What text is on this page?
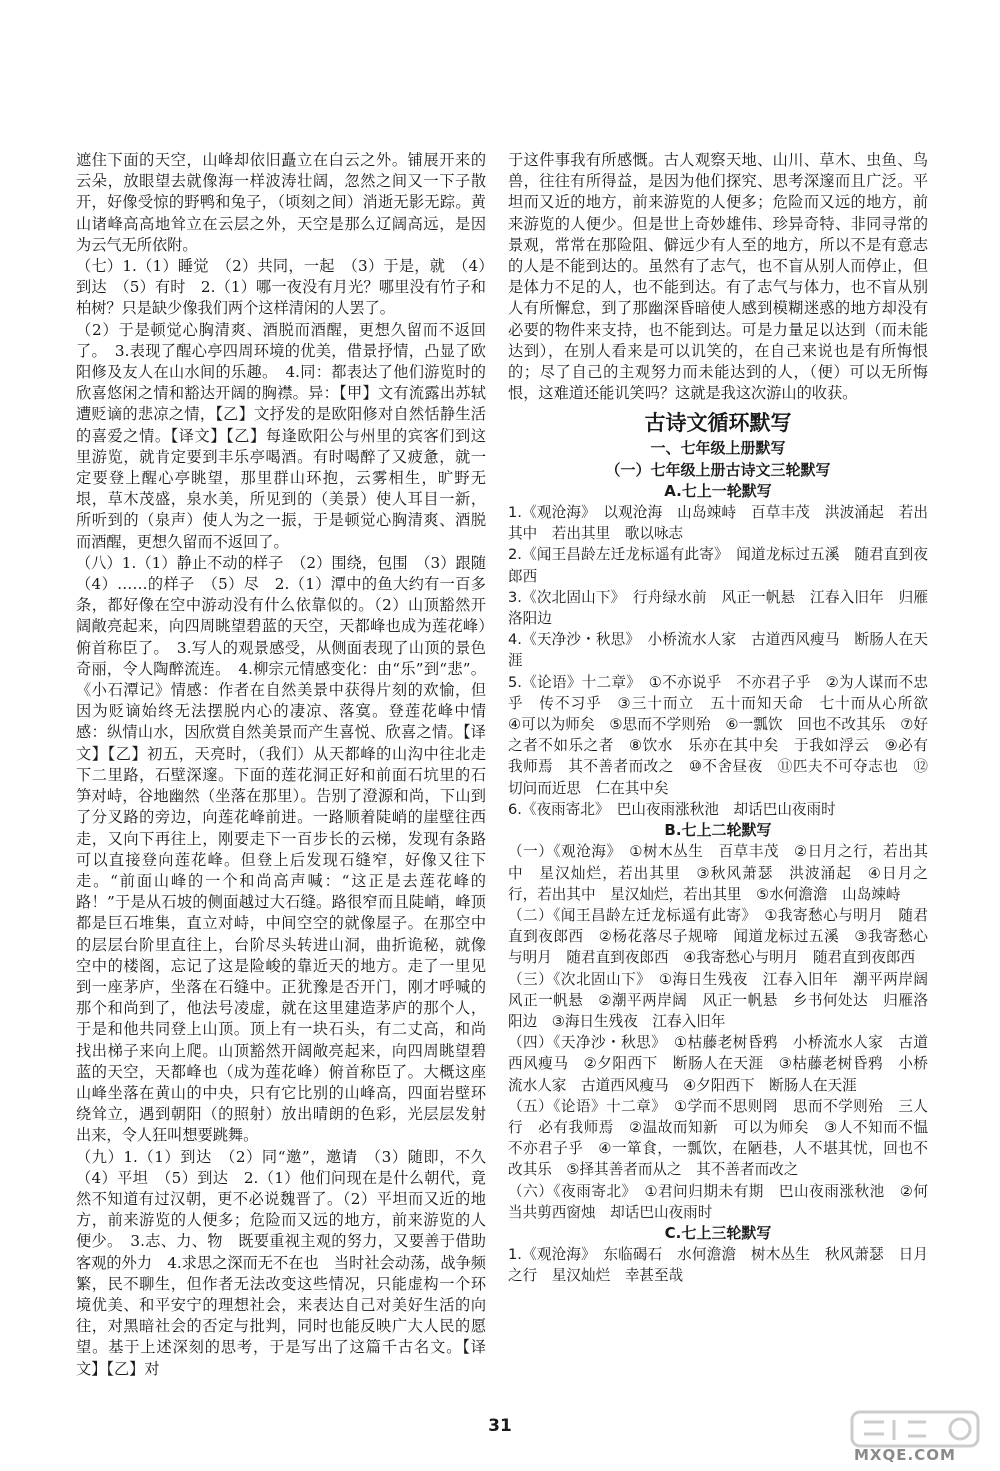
遮住下面的天空，山峰却依旧矗立在白云之外。铺展开来的云朵，放眼望去就像海一样波涛壮阔，忽然之间又一下子散开，好像受惊的野鸭和兔子，（顷刻之间）消逝无影无踪。黄山诸峰高高地耸立在云层之外，天空是那么辽阔高远，是因为云气无所依附。

（七）1.（1）睡觉　（2）共同，一起　（3）于是，就　（4）到达　（5）有时　2.（1）哪一夜没有月光？哪里没有竹子和柏树？只是缺少像我们两个这样清闲的人罢了。

（2）于是顿觉心胸清爽、酒脱而酒醒，更想久留而不返回了。　3.表现了醒心亭四周环境的优美，借景抒情，凸显了欧阳修及友人在山水间的乐趣。　4.同：都表达了他们游览时的欣喜悠闲之情和豁达开阔的胸襟。异：【甲】文有流露出苏轼遭贬谪的悲凉之情，【乙】文抒发的是欧阳修对自然恬静生活的喜爱之情。【译文】【乙】每逢欧阳公与州里的宾客们到这里游览，就肯定要到丰乐亭喝酒。有时喝醉了又疲惫，就一定要登上醒心亭眺望，那里群山环抱，云雾相生，旷野无垠，草木茂盛，泉水美，所见到的（美景）使人耳目一新，所听到的（泉声）使人为之一振，于是顿觉心胸清爽、酒脱而酒醒，更想久留而不返回了。

（八）1.（1）静止不动的样子　（2）围绕，包围　（3）跟随　（4）……的样子　（5）尽　2.（1）潭中的鱼大约有一百多条，都好像在空中游动没有什么依靠似的。（2）山顶豁然开阔敞亮起来，向四周眺望碧蓝的天空，天都峰也成为莲花峰）俯首称臣了。　3.写人的观景感受，从侧面表现了山顶的景色奇丽，令人陶醉流连。　4.柳宗元情感变化：由“乐”到“悲”。《小石潭记》情感：作者在自然美景中获得片刻的欢愉，但因为贬谪始终无法摆脱内心的凄凉、落寞。登莲花峰中情感：纵情山水，因欣赏自然美景而产生喜悦、欣喜之情。【译文】【乙】初五，天亮时，（我们）从天都峰的山沟中往北走下二里路，石壁深邃。下面的莲花洞正好和前面石坑里的石笋对峙，谷地幽然（坐落在那里）。告别了澄源和尚，下山到了分叉路的旁边，向莲花峰前进。一路顺着陡峭的崖壁往西走，又向下再往上，刚要走下一百步长的云梯，发现有条路可以直接登向莲花峰。但登上后发现石缝窄，好像又往下走。“前面山峰的一个和尚高声喊：“这正是去莲花峰的路！”于是从石坡的侧面越过大石缝。路很窄而且陡峭，峰顶都是巨石堆集，直立对峙，中间空空的就像屋子。在那空中的层层台阶里直往上，台阶尽头转进山洞，曲折诡秘，就像空中的楼阁，忘记了这是险峻的靠近天的地方。走了一里见到一座茅庐，坐落在石缝中。正犹豫是否开门，刚才呼喊的那个和尚到了，他法号凌虚，就在这里建造茅庐的那个人，于是和他共同登上山顶。顶上有一块石头，有二丈高，和尚找出梯子来向上爬。山顶豁然开阔敞亮起来，向四周眺望碧蓝的天空，天都峰也（成为莲花峰）俯首称臣了。大概这座山峰坐落在黄山的中央，只有它比别的山峰高，四面岩壁环绕耸立，遇到朝阳（的照射）放出晴朗的色彩，光层层发射出来，令人狂叫想要跳舞。

（九）1.（1）到达　（2）同“邀”，邀请　（3）随即，不久　（4）平坦　（5）到达　2.（1）他们问现在是什么朝代，竟然不知道有过汉朝，更不必说魏晋了。（2）平坦而又近的地方，前来游览的人便多；危险而又远的地方，前来游览的人便少。　3.志、力、物　既要重视主观的努力，又要善于借助客观的外力　4.求思之深而无不在也　当时社会动荡，战争频繁，民不聊生，但作者无法改变这些情况，只能虚构一个环境优美、和平安宁的理想社会，来表达自己对美好生活的向往，对黑暗社会的否定与批判，同时也能反映广大人民的愿望。基于上述深刻的思考，于是写出了这篇千古名文。【译文】【乙】对

于这件事我有所感慨。古人观察天地、山川、草木、虫鱼、鸟兽，往往有所得益，是因为他们探究、思考深邃而且广泛。平坦而又近的地方，前来游览的人便多；危险而又远的地方，前来游览的人便少。但是世上奇妙雄伟、珍异奇特、非同寻常的景观，常常在那险阻、僻远少有人至的地方，所以不是有意志的人是不能到达的。虽然有了志气，也不盲从别人而停止，但是体力不足的人，也不能到达。有了志气与体力，也不盲从别人有所懈怠，到了那幽深昏暗使人感到模糊迷惑的地方却没有必要的物件来支持，也不能到达。可是力量足以达到（而未能达到），在别人看来是可以讥笑的，在自己来说也是有所悔恨的；尽了自己的主观努力而未能达到的人，（便）可以无所悔恨，这难道还能讥笑吗？这就是我这次游山的收获。

古诗文循环默写
一、七年级上册默写
（一）七年级上册古诗文三轮默写
A.七上一轮默写

1.《观沧海》　以观沧海　山岛竦峙　百草丰茂　洪波涌起　若出其中　若出其里　歌以咏志

2.《闻王昌龄左迁龙标遥有此寄》　闻道龙标过五溪　随君直到夜郎西

3.《次北固山下》　行舟绿水前　风正一帆悬　江春入旧年　归雁洛阳边

4.《天净沙・秋思》　小桥流水人家　古道西风瘦马　断肠人在天涯

5.《论语》十二章》　①不亦说乎　不亦君子乎　②为人谋而不忠乎　传不习乎　③三十而立　五十而知天命　七十而从心所欲　④可以为师矣　⑤思而不学则殆　⑥一瓢饮　回也不改其乐　⑦好之者不如乐之者　⑧饮水　乐亦在其中矣　于我如浮云　⑨必有我师焉　其不善者而改之　⑩不舍昼夜　⑪匹夫不可夺志也　⑫切问而近思　仁在其中矣

6.《夜雨寄北》　巴山夜雨涨秋池　却话巴山夜雨时

B.七上二轮默写

（一）《观沧海》　①树木丛生　百草丰茂　②日月之行，若出其中　星汉灿烂，若出其里　③秋风萧瑟　洪波涌起　④日月之行，若出其中　星汉灿烂，若出其里　⑤水何澹澹　山岛竦峙

（二）《闻王昌龄左迁龙标遥有此寄》　①我寄愁心与明月　随君直到夜郎西　②杨花落尽子规啼　闻道龙标过五溪　③我寄愁心与明月　随君直到夜郎西　④我寄愁心与明月　随君直到夜郎西

（三）《次北固山下》　①海日生残夜　江春入旧年　潮平两岸阔　风正一帆悬　②潮平两岸阔　风正一帆悬　乡书何处达　归雁洛阳边　③海日生残夜　江春入旧年

（四）《天净沙・秋思》　①枯藤老树昏鸦　小桥流水人家　古道西风瘦马　②夕阳西下　断肠人在天涯　③枯藤老树昏鸦　小桥流水人家　古道西风瘦马　④夕阳西下　断肠人在天涯

（五）《论语》十二章》　①学而不思则罔　思而不学则殆　三人行　必有我师焉　②温故而知新　可以为师矣　③人不知而不愠　不亦君子乎　④一箪食，一瓢饮，在陋巷，人不堪其忧，回也不改其乐　⑤择其善者而从之　其不善者而改之

（六）《夜雨寄北》　①君问归期未有期　巴山夜雨涨秋池　②何当共剪西窗烛　却话巴山夜雨时

C.七上三轮默写

1.《观沧海》　东临碣石　水何澹澹　树木丛生　秋风萧瑟　日月之行　星汉灿烂　幸甚至哉

31
MXQE.COM
